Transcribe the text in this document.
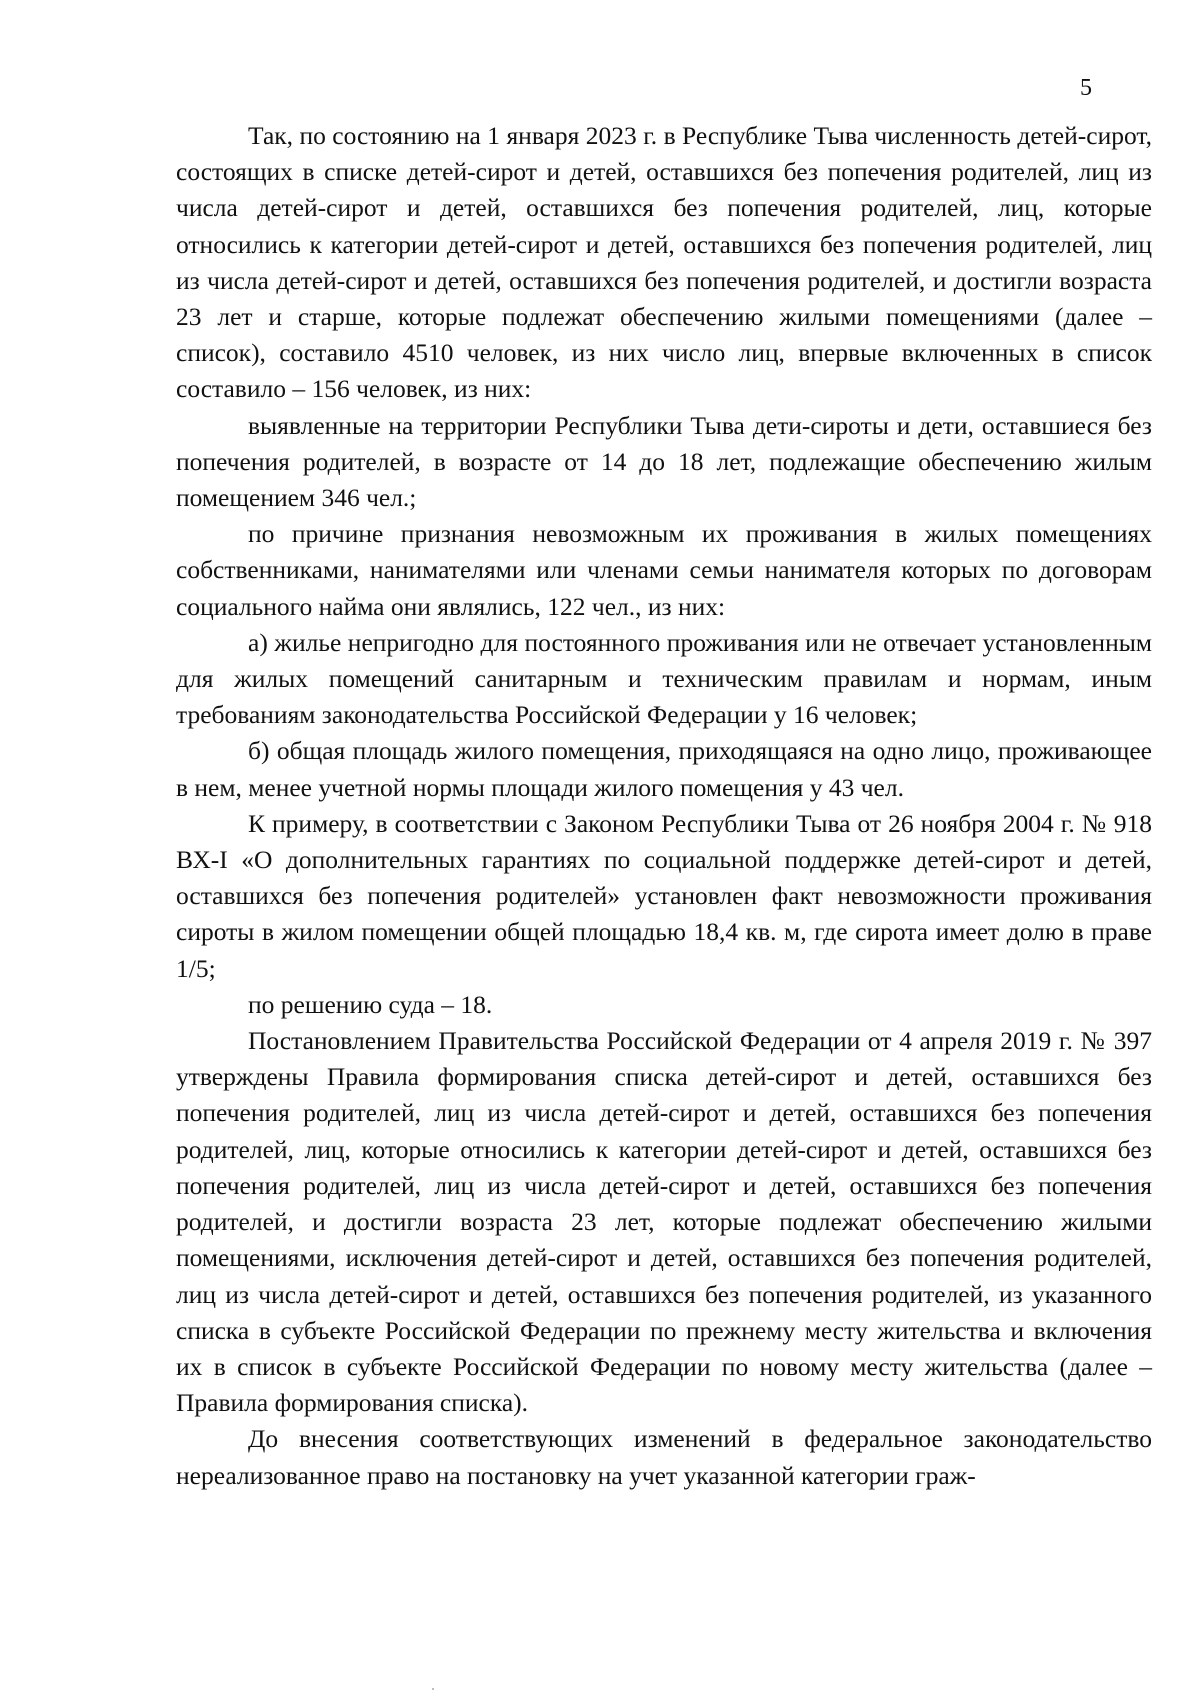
5

Так, по состоянию на 1 января 2023 г. в Республике Тыва численность детей-сирот, состоящих в списке детей-сирот и детей, оставшихся без попечения родителей, лиц из числа детей-сирот и детей, оставшихся без попечения родителей, лиц, которые относились к категории детей-сирот и детей, оставшихся без попечения родителей, лиц из числа детей-сирот и детей, оставшихся без попечения родителей, и достигли возраста 23 лет и старше, которые подлежат обеспечению жилыми помещениями (далее – список), составило 4510 человек, из них число лиц, впервые включенных в список составило – 156 человек, из них:

выявленные на территории Республики Тыва дети-сироты и дети, оставшиеся без попечения родителей, в возрасте от 14 до 18 лет, подлежащие обеспечению жилым помещением 346 чел.;

по причине признания невозможным их проживания в жилых помещениях собственниками, нанимателями или членами семьи нанимателя которых по договорам социального найма они являлись, 122 чел., из них:

а) жилье непригодно для постоянного проживания или не отвечает установленным для жилых помещений санитарным и техническим правилам и нормам, иным требованиям законодательства Российской Федерации у 16 человек;

б) общая площадь жилого помещения, приходящаяся на одно лицо, проживающее в нем, менее учетной нормы площади жилого помещения у 43 чел.

К примеру, в соответствии с Законом Республики Тыва от 26 ноября 2004 г. № 918 ВХ-I «О дополнительных гарантиях по социальной поддержке детей-сирот и детей, оставшихся без попечения родителей» установлен факт невозможности проживания сироты в жилом помещении общей площадью 18,4 кв. м, где сирота имеет долю в праве 1/5;

по решению суда – 18.

Постановлением Правительства Российской Федерации от 4 апреля 2019 г. № 397 утверждены Правила формирования списка детей-сирот и детей, оставшихся без попечения родителей, лиц из числа детей-сирот и детей, оставшихся без попечения родителей, лиц, которые относились к категории детей-сирот и детей, оставшихся без попечения родителей, лиц из числа детей-сирот и детей, оставшихся без попечения родителей, и достигли возраста 23 лет, которые подлежат обеспечению жилыми помещениями, исключения детей-сирот и детей, оставшихся без попечения родителей, лиц из числа детей-сирот и детей, оставшихся без попечения родителей, из указанного списка в субъекте Российской Федерации по прежнему месту жительства и включения их в список в субъекте Российской Федерации по новому месту жительства (далее – Правила формирования списка).

До внесения соответствующих изменений в федеральное законодательство нереализованное право на постановку на учет указанной категории граж-
